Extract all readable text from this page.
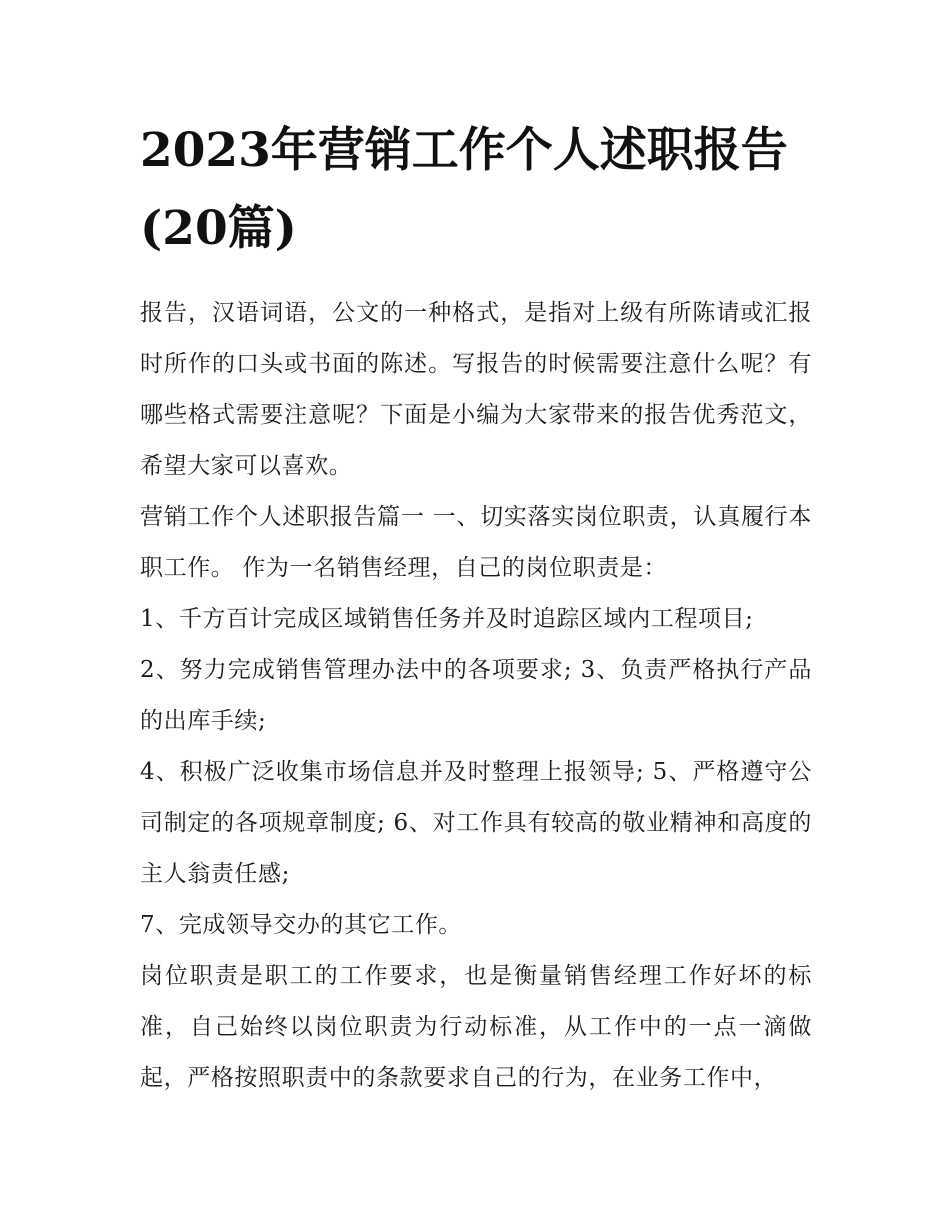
2023年营销工作个人述职报告(20篇)

报告，汉语词语，公文的一种格式，是指对上级有所陈请或汇报时所作的口头或书面的陈述。写报告的时候需要注意什么呢？有哪些格式需要注意呢？下面是小编为大家带来的报告优秀范文，希望大家可以喜欢。

营销工作个人述职报告篇一 一、切实落实岗位职责，认真履行本职工作。 作为一名销售经理，自己的岗位职责是：

1、千方百计完成区域销售任务并及时追踪区域内工程项目;

2、努力完成销售管理办法中的各项要求; 3、负责严格执行产品的出库手续;

4、积极广泛收集市场信息并及时整理上报领导; 5、严格遵守公司制定的各项规章制度; 6、对工作具有较高的敬业精神和高度的主人翁责任感;

7、完成领导交办的其它工作。

岗位职责是职工的工作要求，也是衡量销售经理工作好坏的标准，自己始终以岗位职责为行动标准，从工作中的一点一滴做起，严格按照职责中的条款要求自己的行为，在业务工作中，
